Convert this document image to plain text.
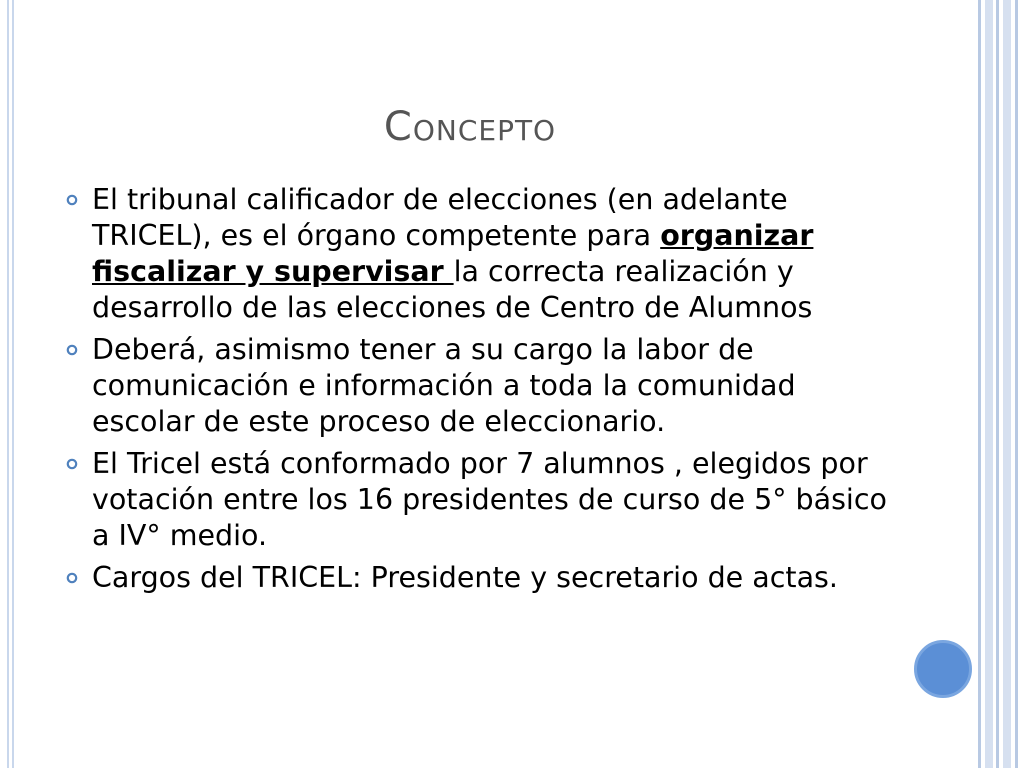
Concepto
El tribunal calificador de elecciones (en adelante TRICEL), es el órgano competente para organizar fiscalizar y supervisar la correcta realización y desarrollo de las elecciones de Centro de Alumnos
Deberá, asimismo tener a su cargo la labor de comunicación e información a toda la comunidad escolar de este proceso de eleccionario.
El Tricel está conformado por 7 alumnos , elegidos por votación entre los 16 presidentes de curso de 5° básico a IV° medio.
Cargos del TRICEL: Presidente y secretario de actas.
